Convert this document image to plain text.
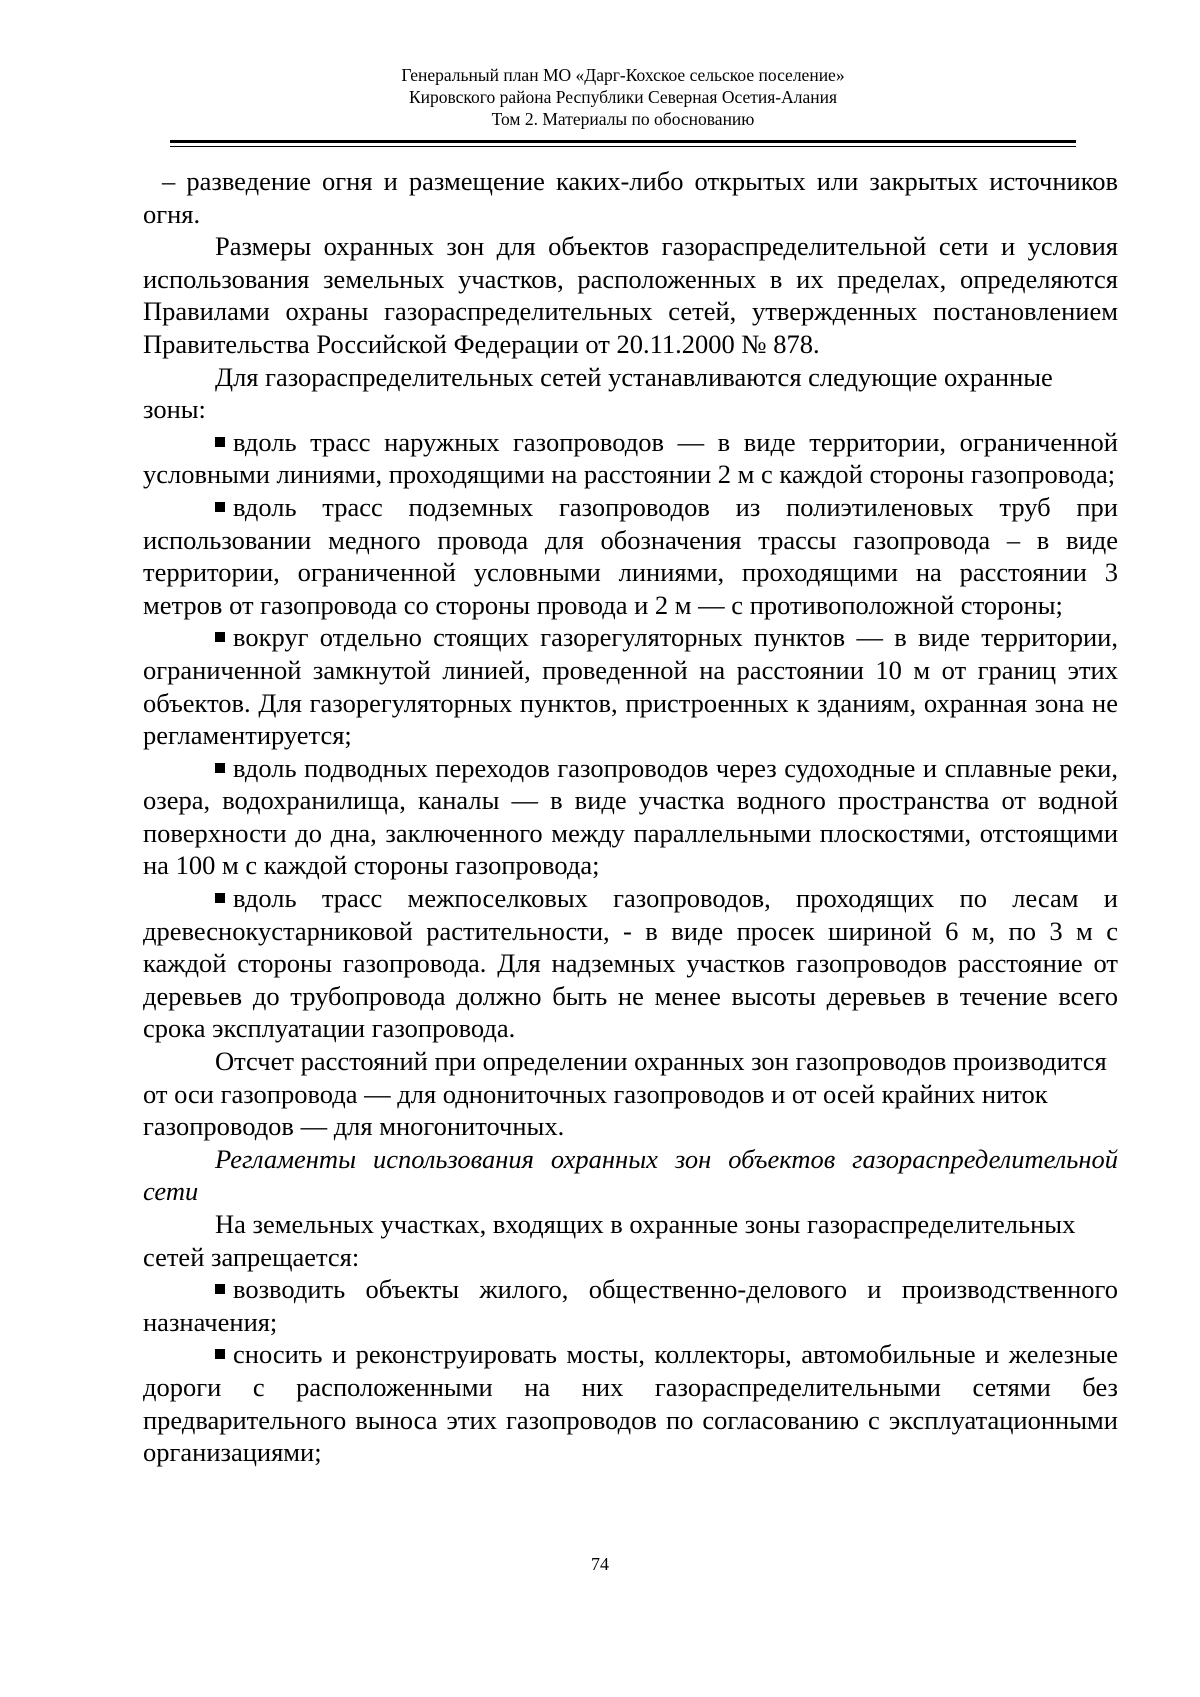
Генеральный план МО «Дарг-Кохское сельское поселение»
Кировского района Республики Северная Осетия-Алания
Том 2. Материалы по обоснованию

– разведение огня и размещение каких-либо открытых или закрытых источников огня.

Размеры охранных зон для объектов газораспределительной сети и условия использования земельных участков, расположенных в их пределах, определяются Правилами охраны газораспределительных сетей, утвержденных постановлением Правительства Российской Федерации от 20.11.2000 № 878.

Для газораспределительных сетей устанавливаются следующие охранные зоны:

вдоль трасс наружных газопроводов — в виде территории, ограниченной условными линиями, проходящими на расстоянии 2 м с каждой стороны газопровода;

вдоль трасс подземных газопроводов из полиэтиленовых труб при использовании медного провода для обозначения трассы газопровода – в виде территории, ограниченной условными линиями, проходящими на расстоянии 3 метров от газопровода со стороны провода и 2 м — с противоположной стороны;

вокруг отдельно стоящих газорегуляторных пунктов — в виде территории, ограниченной замкнутой линией, проведенной на расстоянии 10 м от границ этих объектов. Для газорегуляторных пунктов, пристроенных к зданиям, охранная зона не регламентируется;

вдоль подводных переходов газопроводов через судоходные и сплавные реки, озера, водохранилища, каналы — в виде участка водного пространства от водной поверхности до дна, заключенного между параллельными плоскостями, отстоящими на 100 м с каждой стороны газопровода;

вдоль трасс межпоселковых газопроводов, проходящих по лесам и древеснокустарниковой растительности, - в виде просек шириной 6 м, по 3 м с каждой стороны газопровода. Для надземных участков газопроводов расстояние от деревьев до трубопровода должно быть не менее высоты деревьев в течение всего срока эксплуатации газопровода.

Отсчет расстояний при определении охранных зон газопроводов производится от оси газопровода — для однониточных газопроводов и от осей крайних ниток газопроводов — для многониточных.

Регламенты использования охранных зон объектов газораспределительной сети

На земельных участках, входящих в охранные зоны газораспределительных сетей запрещается:

возводить объекты жилого, общественно-делового и производственного назначения;

сносить и реконструировать мосты, коллекторы, автомобильные и железные дороги с расположенными на них газораспределительными сетями без предварительного выноса этих газопроводов по согласованию с эксплуатационными организациями;

74
